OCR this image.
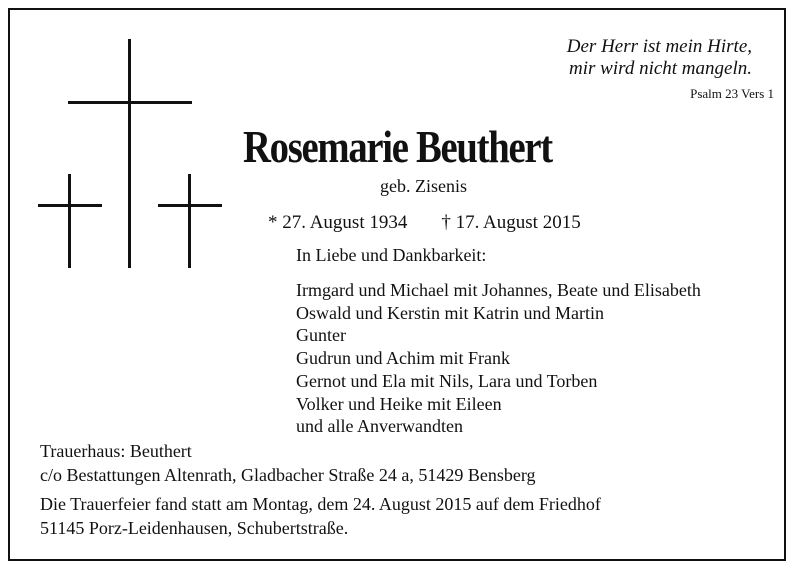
Der Herr ist mein Hirte,
mir wird nicht mangeln.
Psalm 23 Vers 1
Rosemarie Beuthert
geb. Zisenis
* 27. August 1934 † 17. August 2015
In Liebe und Dankbarkeit:
Irmgard und Michael mit Johannes, Beate und Elisabeth
Oswald und Kerstin mit Katrin und Martin
Gunter
Gudrun und Achim mit Frank
Gernot und Ela mit Nils, Lara und Torben
Volker und Heike mit Eileen
und alle Anverwandten
Trauerhaus: Beuthert
c/o Bestattungen Altenrath, Gladbacher Straße 24 a, 51429 Bensberg
Die Trauerfeier fand statt am Montag, dem 24. August 2015 auf dem Friedhof
51145 Porz-Leidenhausen, Schubertstraße.
